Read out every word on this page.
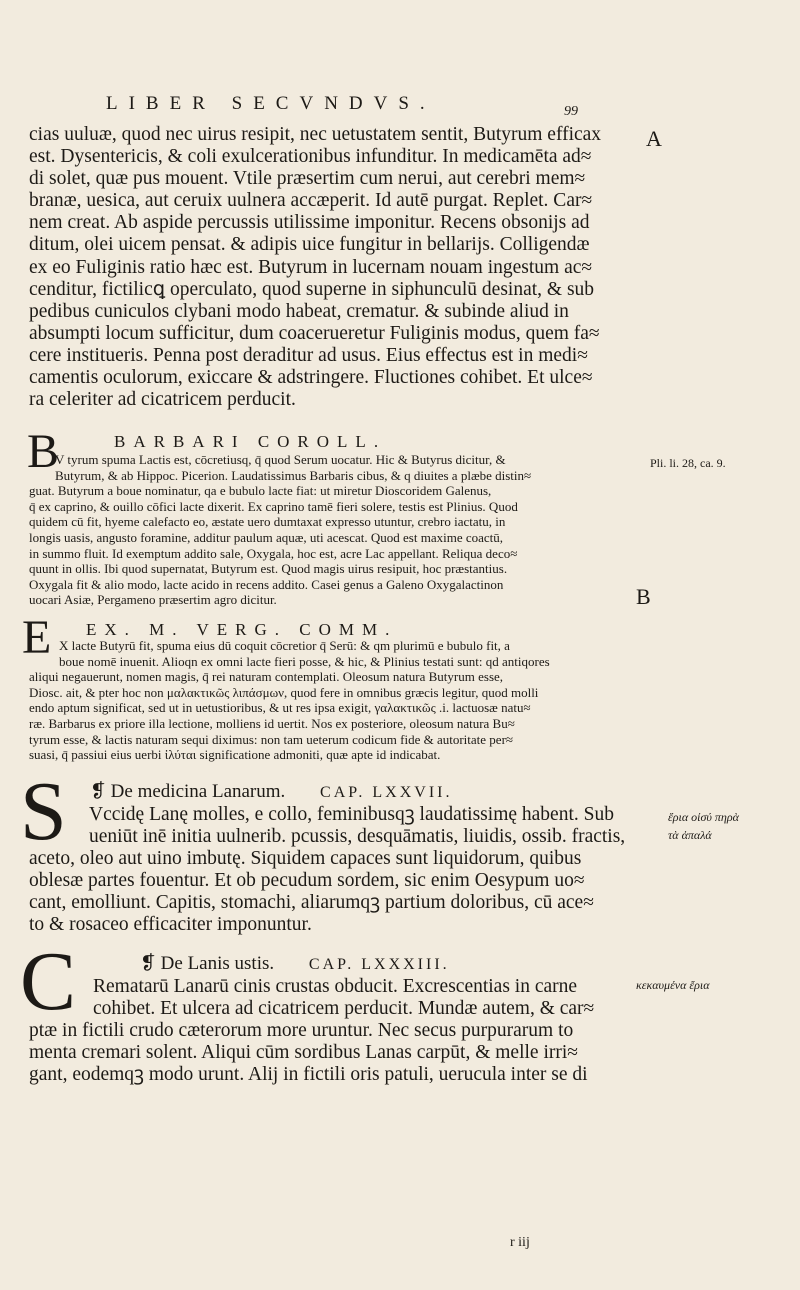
LIBER SECVNDVS.	99
cias uuluæ, quod nec uirus resipit, nec uetustatem sentit, Butyrum efficax
est. Dysentericis, & coli exulcerationibus infunditur. In medicamēta ad≈
di solet, quæ pus mouent. Vtile præsertim cum nerui, aut cerebri mem≈
branæ, uesica, aut ceruix uulnera accæperit. Id autē purgat. Replet. Car≈
nem creat. Ab aspide percussis utilissime imponitur. Recens obsonijs ad
ditum, olei uicem pensat. & adipis uice fungitur in bellarijs. Colligendæ
ex eo Fuliginis ratio hæc est. Butyrum in lucernam nouam ingestum ac≈
cenditur, fictilicꝗ operculato, quod superne in siphunculū desinat, & sub
pedibus cuniculos clybani modo habeat, crematur. & subinde aliud in
absumpti locum sufficitur, dum coacerueretur Fuliginis modus, quem fa≈
cere institueris. Penna post deraditur ad usus. Eius effectus est in medi≈
camentis oculorum, exiccare & adstringere. Fluctiones cohibet. Et ulce≈
ra celeriter ad cicatricem perducit.
B	BARBARI COROLL.
V tyrum spuma Lactis est, cōcretiusq, q̄ quod Serum uocatur. Hic & Butyrus dicitur, &
Butyrum, & ab Hippoc. Picerion. Laudatissimus Barbaris cibus, & q diuites a plæbe distin≈
guat. Butyrum a boue nominatur, qa e bubulo lacte fiat: ut miretur Dioscoridem Galenus,
q̄ ex caprino, & ouillo cōfici lacte dixerit. Ex caprino tamē fieri solere, testis est Plinius. Quod
quidem cū fit, hyeme calefacto eo, æstate uero dumtaxat expresso utuntur, crebro iactatu, in
longis uasis, angusto foramine, additur paulum aquæ, uti acescat. Quod est maxime coactū,
in summo fluit. Id exemptum addito sale, Oxygala, hoc est, acre Lac appellant. Reliqua deco≈
quunt in ollis. Ibi quod supernatat, Butyrum est. Quod magis uirus resipuit, hoc præstantius.
Oxygala fit & alio modo, lacte acido in recens addito. Casei genus a Galeno Oxygalactinon
uocari Asiæ, Pergameno præsertim agro dicitur.
E EX. M. VERG. COMM.
X lacte Butyrū fit, spuma eius dū coquit cōcretior q̄ Serū: & qm plurimū e bubulo fit, a
boue nomē inuenit. Alioqn ex omni lacte fieri posse, & hic, & Plinius testati sunt: qd antiqores
aliqui negauerunt, nomen magis, q̄ rei naturam contemplati. Oleosum natura Butyrum esse,
Diosc. ait, & pter hoc non μαλακτικῶς λιπάσμων, quod fere in omnibus græcis legitur, quod molli
endo aptum significat, sed ut in uetustioribus, & ut res ipsa exigit, γαλακτικῶς .i. lactuosæ natu≈
ræ. Barbarus ex priore illa lectione, molliens id uertit. Nos ex posteriore, oleosum natura Bu≈
tyrum esse, & lactis naturam sequi diximus: non tam ueterum codicum fide & autoritate per≈
suasi, q̄ passiui eius uerbi ἰλύται significatione admoniti, quæ apte id indicabat.
S ❡ De medicina Lanarum. CAP. LXXVII.
Vccidę Lanę molles, e collo, feminibusqꝫ laudatissimę habent. Sub
ueniūt inē initia uulnerib. pcussis, desquāmatis, liuidis, ossib. fractis,
aceto, oleo aut uino imbutę. Siquidem capaces sunt liquidorum, quibus
oblesæ partes fouentur. Et ob pecudum sordem, sic enim Oesypum uo≈
cant, emolliunt. Capitis, stomachi, aliarumqꝫ partium doloribus, cū ace≈
to & rosaceo efficaciter imponuntur.
C	❡ De Lanis ustis. CAP. LXXXIII.
Rematarū Lanarū cinis crustas obducit. Excrescentias in carne
cohibet. Et ulcera ad cicatricem perducit. Mundæ autem, & car≈
ptæ in fictili crudo cæterorum more uruntur. Nec secus purpurarum to
menta cremari solent. Aliqui cūm sordibus Lanas carpūt, & melle irri≈
gant, eodemqꝫ modo urunt. Alij in fictili oris patuli, uerucula inter se di
A
B
Pli. li. 28, ca. 9.
ἔρια οἰσύ πηρὰ
τὰ ἁπαλά
κεκαυμένα ἔρια
r iij
